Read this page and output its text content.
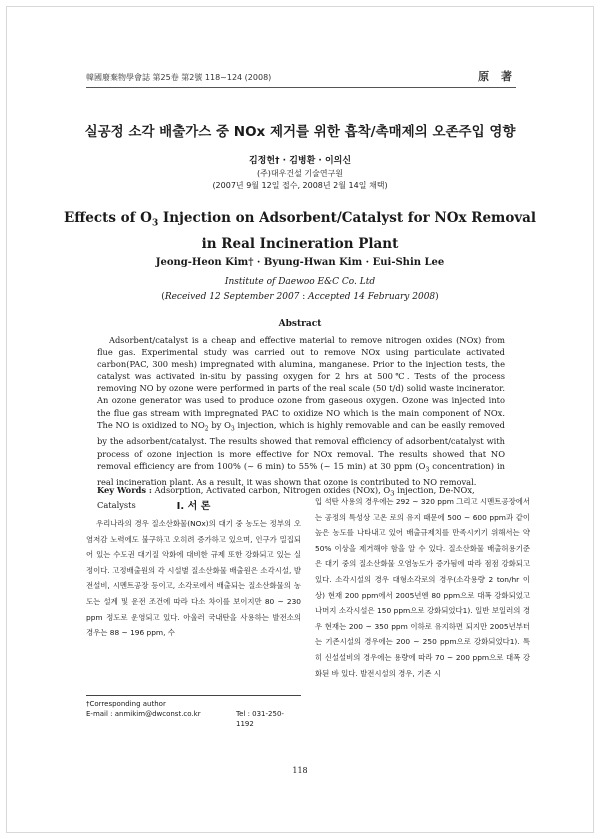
韓國廢棄物學會誌 第25卷 第2號 118~124 (2008)	原 著
실공정 소각 배출가스 중 NOx 제거를 위한 흡착/촉매제의 오존주입 영향
김정헌† · 김병환 · 이의신
(주)대우건설 기술연구원
(2007년 9월 12일 접수, 2008년 2월 14일 채택)
Effects of $O_3$ Injection on Adsorbent/Catalyst for NOx Removal
in Real Incineration Plant
Jeong-Heon Kim† · Byung-Hwan Kim · Eui-Shin Lee
Institute of Daewoo E&C Co. Ltd
(Received 12 September 2007 : Accepted 14 February 2008)
Abstract
Adsorbent/catalyst is a cheap and effective material to remove nitrogen oxides (NOx) from flue gas. Experimental study was carried out to remove NOx using particulate activated carbon(PAC, 300 mesh) impregnated with alumina, manganese. Prior to the injection tests, the catalyst was activated in-situ by passing oxygen for 2 hrs at 500℃. Tests of the process removing NO by ozone were performed in parts of the real scale (50 t/d) solid waste incinerator. An ozone generator was used to produce ozone from gaseous oxygen. Ozone was injected into the flue gas stream with impregnated PAC to oxidize NO which is the main component of NOx. The NO is oxidized to $NO_2$ by $O_3$ injection, which is highly removable and can be easily removed by the adsorbent/catalyst. The results showed that removal efficiency of adsorbent/catalyst with process of ozone injection is more effective for NOx removal. The results showed that NO removal efficiency are from 100% (~ 6 min) to 55% (~ 15 min) at 30 ppm ($O_3$ concentration) in real incineration plant. As a result, it was shown that ozone is contributed to NO removal.
Key Words : Adsorption, Activated carbon, Nitrogen oxides (NOx), $O_3$ injection, De-NOx, Catalysts	I. 서 론

우리나라의 경우 질소산화물(NOx)의 대기 중 농도는 정부의 오염저감 노력에도 불구하고 오히려 증가하고 있으며, 인구가 밀집되어 있는 수도권 대기질 악화에 대비한 규제 또한 강화되고 있는 실정이다. 고정배출원의 각 시설별 질소산화물 배출원은 소각시설, 발전설비, 시멘트공장 등이고, 소각로에서 배출되는 질소산화물의 농도는 설계 및 운전 조건에 따라 다소 차이를 보이지만 80 ~ 230 ppm 정도로 운영되고 있다. 아울러 국내탄을 사용하는 발전소의 경우는 88 ~ 196 ppm, 수

입 석탄 사용의 경우에는 292 ~ 320 ppm 그리고 시멘트공장에서는 공정의 특성상 고온 로의 유지 때문에 500 ~ 600 ppm과 같이 높은 농도를 나타내고 있어 배출규제치를 만족시키기 위해서는 약 50% 이상을 제거해야 함을 알 수 있다. 질소산화물 배출허용기준은 대기 중의 질소산화물 오염농도가 증가됨에 따라 점점 강화되고 있다. 소각시설의 경우 대형소각로의 경우(소각용량 2 ton/hr 이상) 현재 200 ppm에서 2005년엔 80 ppm으로 대폭 강화되었고 나머지 소각시설은 150 ppm으로 강화되었다1). 일반 보일러의 경우 현재는 200 ~ 350 ppm 이하로 유지하면 되지만 2005년부터는 기존시설의 경우에는 200 ~ 250 ppm으로 강화되었다1). 특히 신설설비의 경우에는 용량에 따라 70 ~ 200 ppm으로 대폭 강화된 바 있다. 발전시설의 경우, 기존 시

†Corresponding author
E-mail : anmikim@dwconst.co.kr	Tel : 031-250-1192
118
